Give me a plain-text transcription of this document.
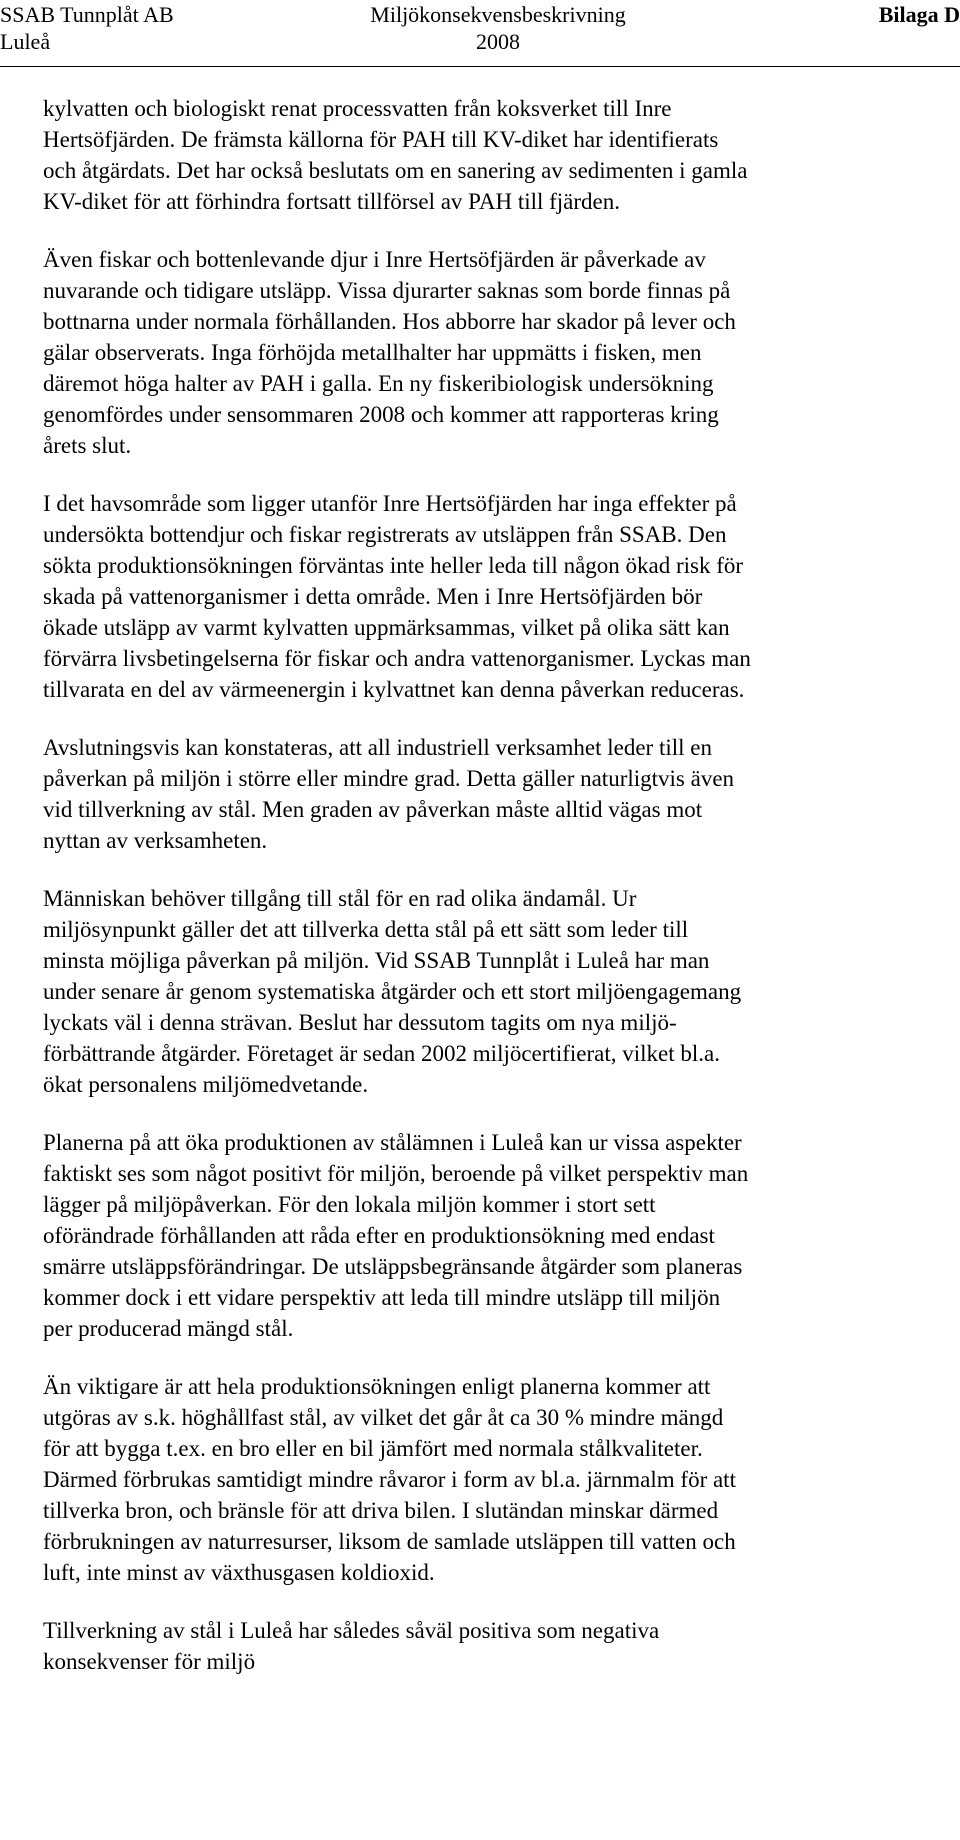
SSAB Tunnplåt AB	Miljökonsekvensbeskrivning	Bilaga D
Luleå	2008

kylvatten och biologiskt renat processvatten från koksverket till Inre
Hertsöfjärden. De främsta källorna för PAH till KV-diket har identifierats
och åtgärdats. Det har också beslutats om en sanering av sedimenten i gamla
KV-diket för att förhindra fortsatt tillförsel av PAH till fjärden.

Även fiskar och bottenlevande djur i Inre Hertsöfjärden är påverkade av
nuvarande och tidigare utsläpp. Vissa djurarter saknas som borde finnas på
bottnarna under normala förhållanden. Hos abborre har skador på lever och
gälar observerats. Inga förhöjda metallhalter har uppmätts i fisken, men
däremot höga halter av PAH i galla. En ny fiskeribiologisk undersökning
genomfördes under sensommaren 2008 och kommer att rapporteras kring
årets slut.

I det havsområde som ligger utanför Inre Hertsöfjärden har inga effekter på
undersökta bottendjur och fiskar registrerats av utsläppen från SSAB. Den
sökta produktionsökningen förväntas inte heller leda till någon ökad risk för
skada på vattenorganismer i detta område. Men i Inre Hertsöfjärden bör
ökade utsläpp av varmt kylvatten uppmärksammas, vilket på olika sätt kan
förvärra livsbetingelserna för fiskar och andra vattenorganismer. Lyckas man
tillvarata en del av värmeenergin i kylvattnet kan denna påverkan reduceras.

Avslutningsvis kan konstateras, att all industriell verksamhet leder till en
påverkan på miljön i större eller mindre grad. Detta gäller naturligtvis även
vid tillverkning av stål. Men graden av påverkan måste alltid vägas mot
nyttan av verksamheten.

Människan behöver tillgång till stål för en rad olika ändamål. Ur
miljösynpunkt gäller det att tillverka detta stål på ett sätt som leder till
minsta möjliga påverkan på miljön. Vid SSAB Tunnplåt i Luleå har man
under senare år genom systematiska åtgärder och ett stort miljöengagemang
lyckats väl i denna strävan. Beslut har dessutom tagits om nya miljö-
förbättrande åtgärder. Företaget är sedan 2002 miljöcertifierat, vilket bl.a.
ökat personalens miljömedvetande.

Planerna på att öka produktionen av stålämnen i Luleå kan ur vissa aspekter
faktiskt ses som något positivt för miljön, beroende på vilket perspektiv man
lägger på miljöpåverkan. För den lokala miljön kommer i stort sett
oförändrade förhållanden att råda efter en produktionsökning med endast
smärre utsläppsförändringar. De utsläppsbegränsande åtgärder som planeras
kommer dock i ett vidare perspektiv att leda till mindre utsläpp till miljön
per producerad mängd stål.

Än viktigare är att hela produktionsökningen enligt planerna kommer att
utgöras av s.k. höghållfast stål, av vilket det går åt ca 30 % mindre mängd
för att bygga t.ex. en bro eller en bil jämfört med normala stålkvaliteter.
Därmed förbrukas samtidigt mindre råvaror i form av bl.a. järnmalm för att
tillverka bron, och bränsle för att driva bilen. I slutändan minskar därmed
förbrukningen av naturresurser, liksom de samlade utsläppen till vatten och
luft, inte minst av växthusgasen koldioxid.

Tillverkning av stål i Luleå har således såväl positiva som negativa
konsekvenser för miljö
